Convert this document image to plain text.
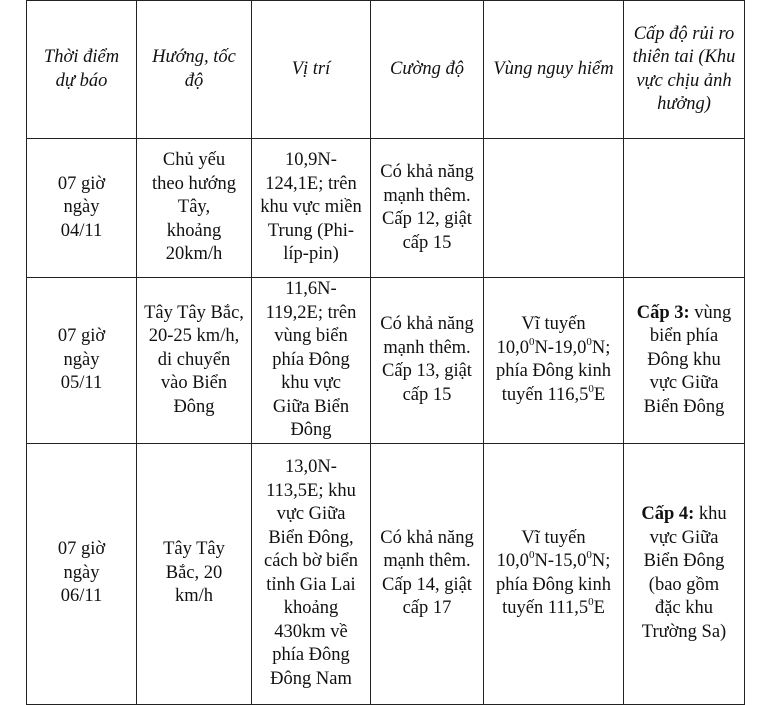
Thời điểm dự báo	Hướng, tốc độ	Vị trí	Cường độ	Vùng nguy hiểm	Cấp độ rủi ro thiên tai (Khu vực chịu ảnh hưởng)

07 giờ ngày 04/11	Chủ yếu theo hướng Tây, khoảng 20km/h	10,9N-124,1E; trên khu vực miền Trung (Phi-líp-pin)	Có khả năng mạnh thêm. Cấp 12, giật cấp 15		

07 giờ ngày 05/11	Tây Tây Bắc, 20-25 km/h, di chuyển vào Biển Đông	11,6N-119,2E; trên vùng biển phía Đông khu vực Giữa Biển Đông	Có khả năng mạnh thêm. Cấp 13, giật cấp 15	Vĩ tuyến 10,0$^0$N-19,0$^0$N; phía Đông kinh tuyến 116,5$^0$E	Cấp 3: vùng biển phía Đông khu vực Giữa Biển Đông

07 giờ ngày 06/11	Tây Tây Bắc, 20 km/h	13,0N-113,5E; khu vực Giữa Biển Đông, cách bờ biển tỉnh Gia Lai khoảng 430km về phía Đông Đông Nam	Có khả năng mạnh thêm. Cấp 14, giật cấp 17	Vĩ tuyến 10,0$^0$N-15,0$^0$N; phía Đông kinh tuyến 111,5$^0$E	Cấp 4: khu vực Giữa Biển Đông (bao gồm đặc khu Trường Sa)
